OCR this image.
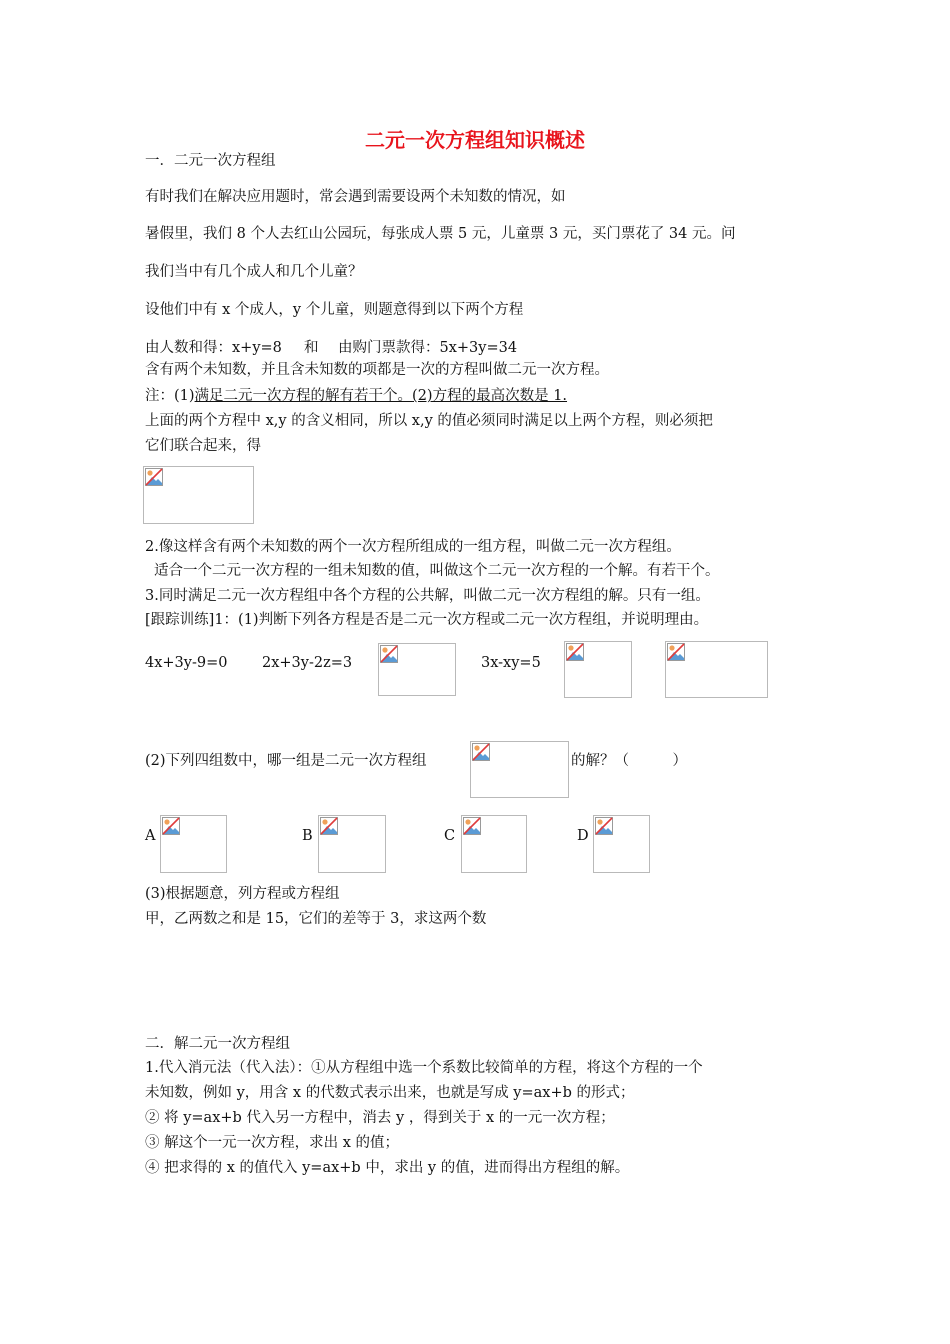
二元一次方程组知识概述
一．二元一次方程组
有时我们在解决应用题时，常会遇到需要设两个未知数的情况，如
暑假里，我们 8 个人去红山公园玩，每张成人票 5 元，儿童票 3 元，买门票花了 34 元。问
我们当中有几个成人和几个儿童？
设他们中有 x 个成人，y 个儿童，则题意得到以下两个方程
由人数和得：x+y=8 和 由购门票款得：5x+3y=34
含有两个未知数，并且含未知数的项都是一次的方程叫做二元一次方程。
注：(1)满足二元一次方程的解有若干个。(2)方程的最高次数是 1.
上面的两个方程中 x,y 的含义相同，所以 x,y 的值必须同时满足以上两个方程，则必须把
它们联合起来，得
2.像这样含有两个未知数的两个一次方程所组成的一组方程，叫做二元一次方程组。
适合一个二元一次方程的一组未知数的值，叫做这个二元一次方程的一个解。有若干个。
3.同时满足二元一次方程组中各个方程的公共解，叫做二元一次方程组的解。只有一组。
[跟踪训练]1：(1)判断下列各方程是否是二元一次方程或二元一次方程组，并说明理由。
4x+3y-9=0 2x+3y-2z=3	3x-xy=5
(2)下列四组数中，哪一组是二元一次方程组	的解？（　　　）
A	B	C	D
(3)根据题意，列方程或方程组
甲，乙两数之和是 15，它们的差等于 3，求这两个数
二．解二元一次方程组
1.代入消元法（代入法）：①从方程组中选一个系数比较简单的方程，将这个方程的一个
未知数，例如 y，用含 x 的代数式表示出来，也就是写成 y=ax+b 的形式；
② 将 y=ax+b 代入另一方程中，消去 y ，得到关于 x 的一元一次方程；
③ 解这个一元一次方程，求出 x 的值；
④ 把求得的 x 的值代入 y=ax+b 中，求出 y 的值，进而得出方程组的解。
